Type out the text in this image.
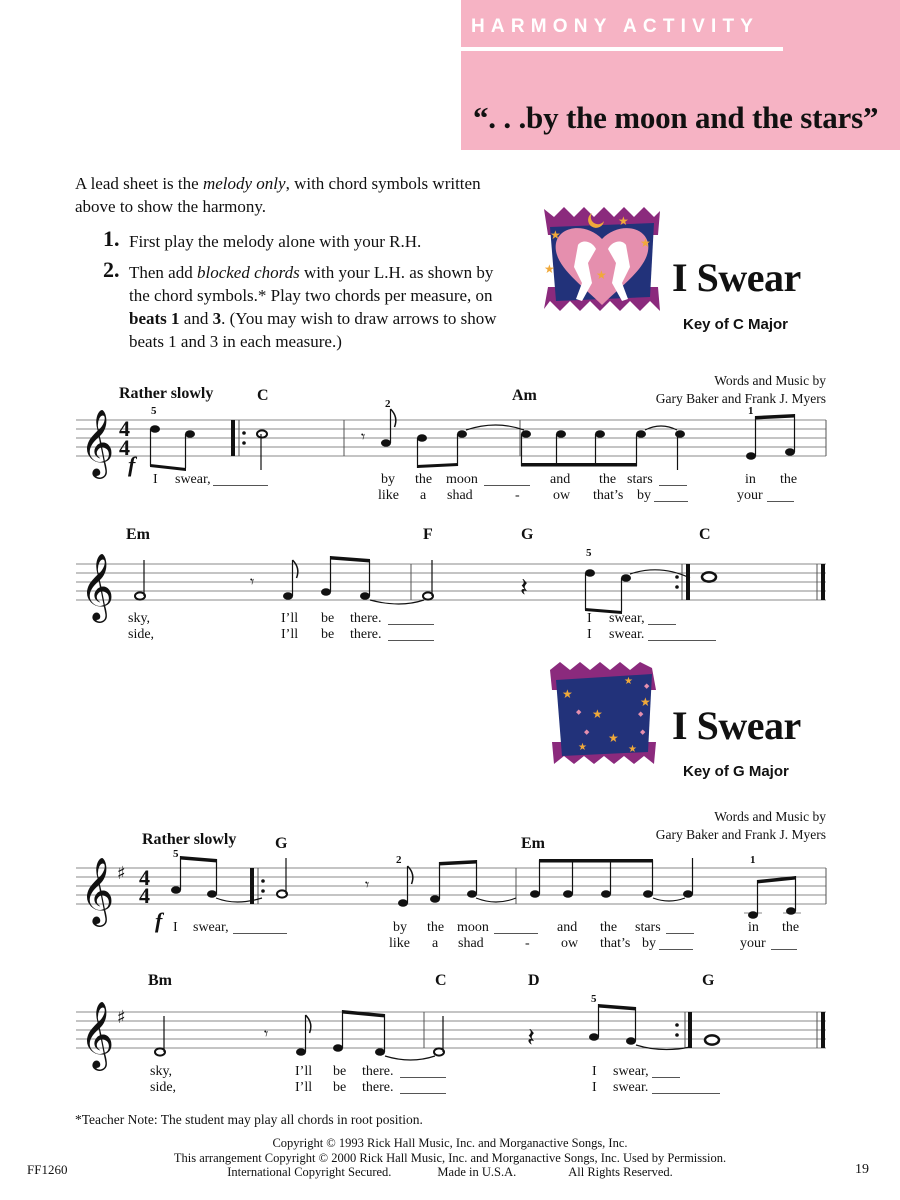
HARMONY ACTIVITY
“. . .by the moon and the stars”
A lead sheet is the melody only, with chord symbols written above to show the harmony.
1. First play the melody alone with your R.H.
2. Then add blocked chords with your L.H. as shown by the chord symbols.* Play two chords per measure, on beats 1 and 3. (You may wish to draw arrows to show beats 1 and 3 in each measure.)
★
★
★
★	★ I Swear
Key of C Major
Words and Music by
Gary Baker and Frank J. Myers
𝄞 4
4	𝄾
Rather slowly	C	Am
5
2
1
f
I swear,	by the moon	and the stars	in the
like a shad	- ow that’s by	your
𝄞	𝄾	𝄽
Em	F	G	C
5
sky,	I’ll be there.	I swear,
side,	I’ll be there.	I swear.
★
★
★
★
★
★	★
◆	◆
◆	◆
◆
I Swear
Key of G Major
Words and Music by
Gary Baker and Frank J. Myers
𝄞 ♯ 4
4	𝄾
Rather slowly G	Em
5	2	1
f I swear,	by the moon	and the stars	in the
like a shad	- ow that’s by	your
𝄞 ♯
𝄾	𝄽
Bm	C	D	G
5
sky,	I’ll be there.	I swear,
side,	I’ll be there.	I swear.
*Teacher Note: The student may play all chords in root position.
Copyright © 1993 Rick Hall Music, Inc. and Morganactive Songs, Inc.
This arrangement Copyright © 2000 Rick Hall Music, Inc. and Morganactive Songs, Inc. Used by Permission.
International Copyright Secured.	Made in U.S.A.	All Rights Reserved.
FF1260	19
